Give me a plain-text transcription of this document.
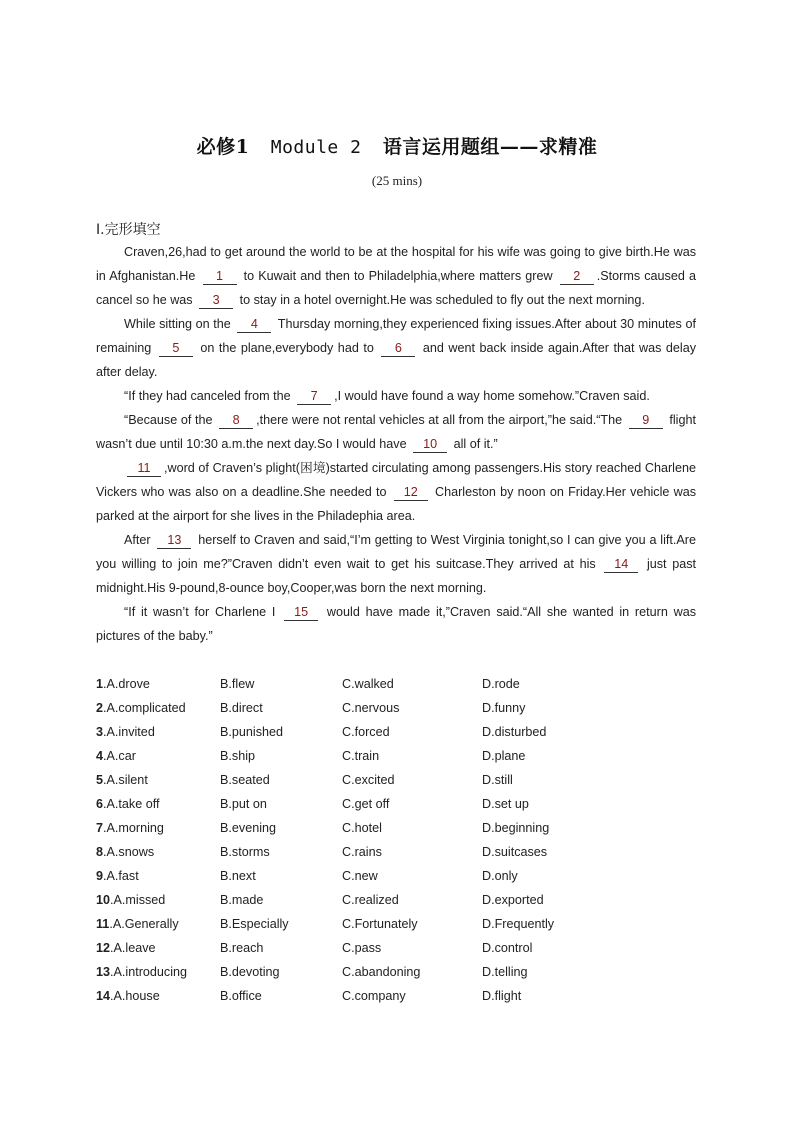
必修1 Module 2 语言运用题组——求精准
(25 mins)
Ⅰ.完形填空

Craven,26,had to get around the world to be at the hospital for his wife was going to give birth.He was in Afghanistan.He 1 to Kuwait and then to Philadelphia,where matters grew 2 .Storms caused a cancel so he was 3 to stay in a hotel overnight.He was scheduled to fly out the next morning.

While sitting on the 4 Thursday morning,they experienced fixing issues.After about 30 minutes of remaining 5 on the plane,everybody had to 6 and went back inside again.After that was delay after delay.

“If they had canceled from the 7 ,I would have found a way home somehow.”Craven said.

“Because of the 8 ,there were not rental vehicles at all from the airport,”he said.“The 9 flight wasn’t due until 10:30 a.m.the next day.So I would have 10 all of it.”

11 ,word of Craven’s plight(困境)started circulating among passengers.His story reached Charlene Vickers who was also on a deadline.She needed to 12 Charleston by noon on Friday.Her vehicle was parked at the airport for she lives in the Philadephia area.

After 13 herself to Craven and said,“I’m getting to West Virginia tonight,so I can give you a lift.Are you willing to join me?”Craven didn’t even wait to get his suitcase.They arrived at his 14 just past midnight.His 9-pound,8-ounce boy,Cooper,was born the next morning.

“If it wasn’t for Charlene I 15 would have made it,”Craven said.“All she wanted in return was pictures of the baby.”

1.A.drove	B.flew	C.walked	D.rode
2.A.complicated	B.direct	C.nervous	D.funny
3.A.invited	B.punished	C.forced	D.disturbed
4.A.car	B.ship	C.train	D.plane
5.A.silent	B.seated	C.excited	D.still
6.A.take off	B.put on	C.get off	D.set up
7.A.morning	B.evening	C.hotel	D.beginning
8.A.snows	B.storms	C.rains	D.suitcases
9.A.fast	B.next	C.new	D.only
10.A.missed	B.made	C.realized	D.exported
11.A.Generally	B.Especially	C.Fortunately	D.Frequently
12.A.leave	B.reach	C.pass	D.control
13.A.introducing	B.devoting	C.abandoning	D.telling
14.A.house	B.office	C.company	D.flight
